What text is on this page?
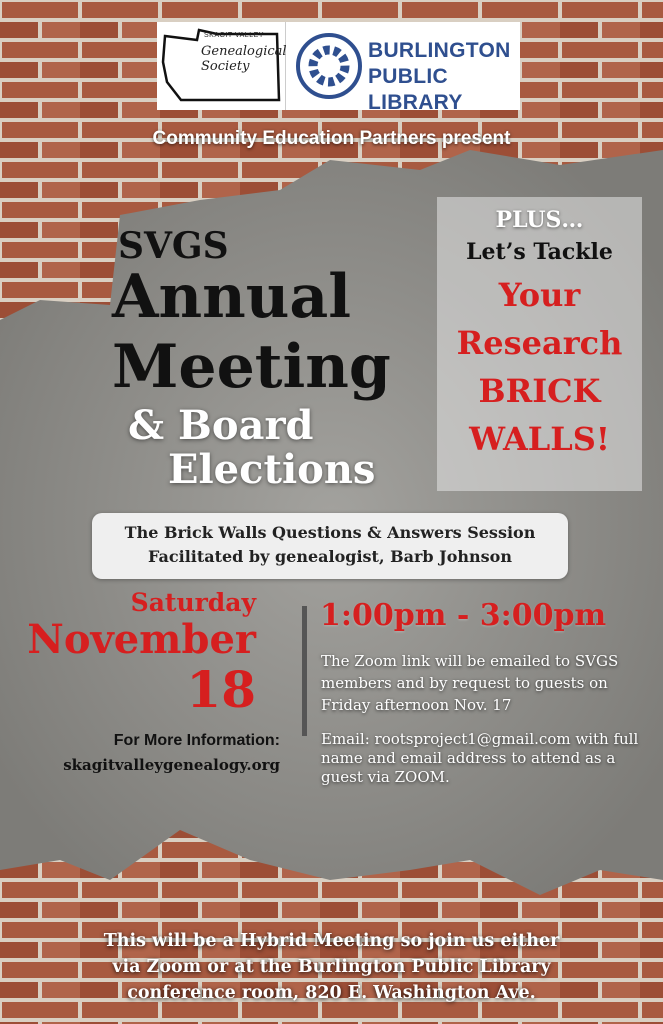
SKAGIT VALLEY
Genealogical Society
BURLINGTON
PUBLIC LIBRARY
Community Education Partners present
SVGS
Annual
Meeting
& Board
Elections
PLUS…
Let’s Tackle
Your
Research
BRICK
WALLS!
The Brick Walls Questions & Answers Session
Facilitated by genealogist, Barb Johnson
Saturday
November
18
For More Information:
skagitvalleygenealogy.org
1:00pm - 3:00pm
The Zoom link will be emailed to SVGS members and by request to guests on Friday afternoon Nov. 17
Email: rootsproject1@gmail.com with full name and email address to attend as a guest via ZOOM.
This will be a Hybrid Meeting so join us either
via Zoom or at the Burlington Public Library
conference room, 820 E. Washington Ave.
